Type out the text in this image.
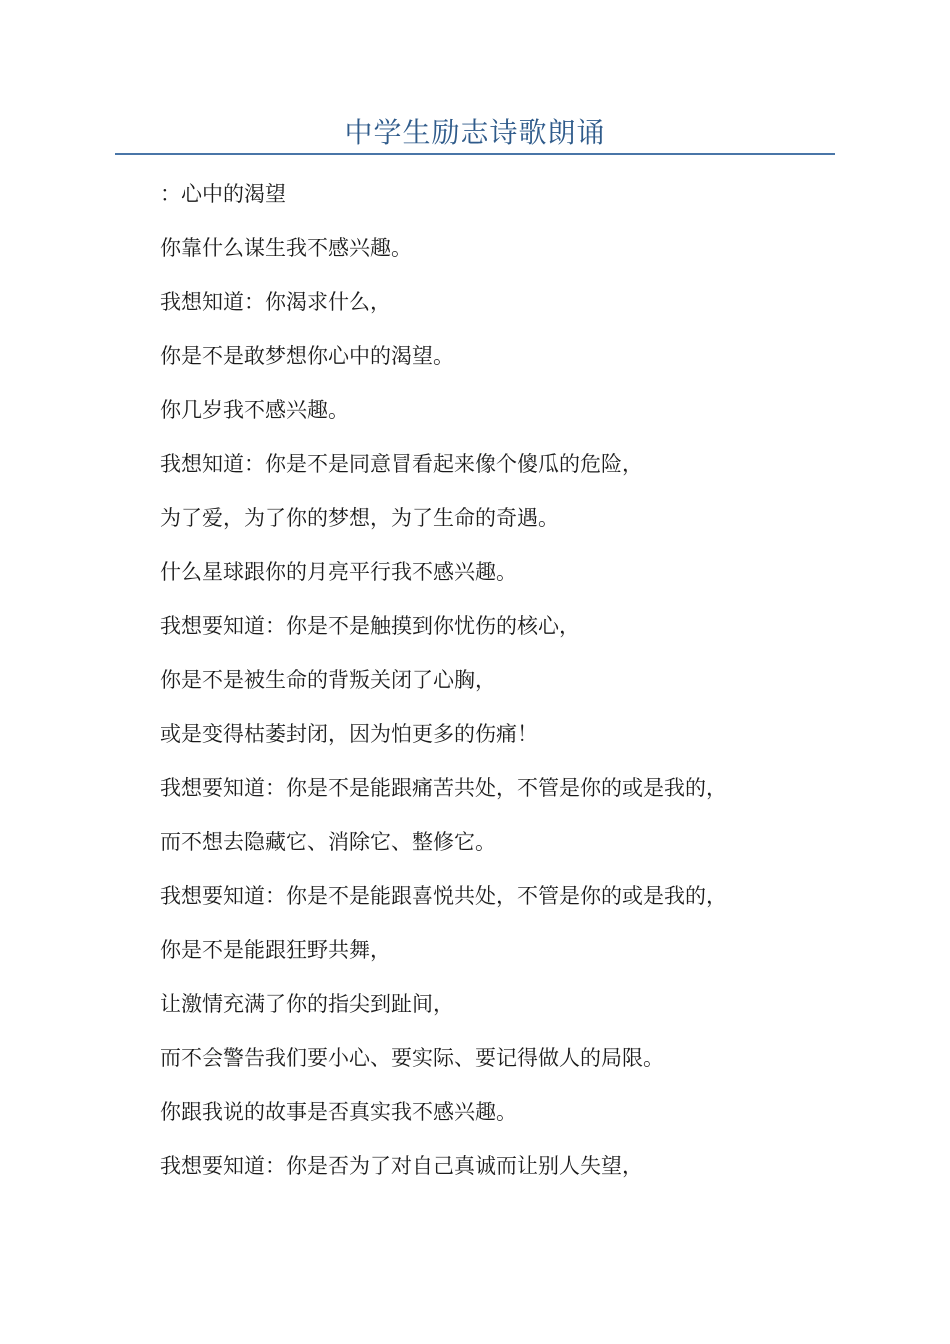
中学生励志诗歌朗诵
：心中的渴望
你靠什么谋生我不感兴趣。
我想知道：你渴求什么，
你是不是敢梦想你心中的渴望。
你几岁我不感兴趣。
我想知道：你是不是同意冒看起来像个傻瓜的危险，
为了爱，为了你的梦想，为了生命的奇遇。
什么星球跟你的月亮平行我不感兴趣。
我想要知道：你是不是触摸到你忧伤的核心，
你是不是被生命的背叛关闭了心胸，
或是变得枯萎封闭，因为怕更多的伤痛！
我想要知道：你是不是能跟痛苦共处，不管是你的或是我的，
而不想去隐藏它、消除它、整修它。
我想要知道：你是不是能跟喜悦共处，不管是你的或是我的，
你是不是能跟狂野共舞，
让激情充满了你的指尖到趾间，
而不会警告我们要小心、要实际、要记得做人的局限。
你跟我说的故事是否真实我不感兴趣。
我想要知道：你是否为了对自己真诚而让别人失望，
